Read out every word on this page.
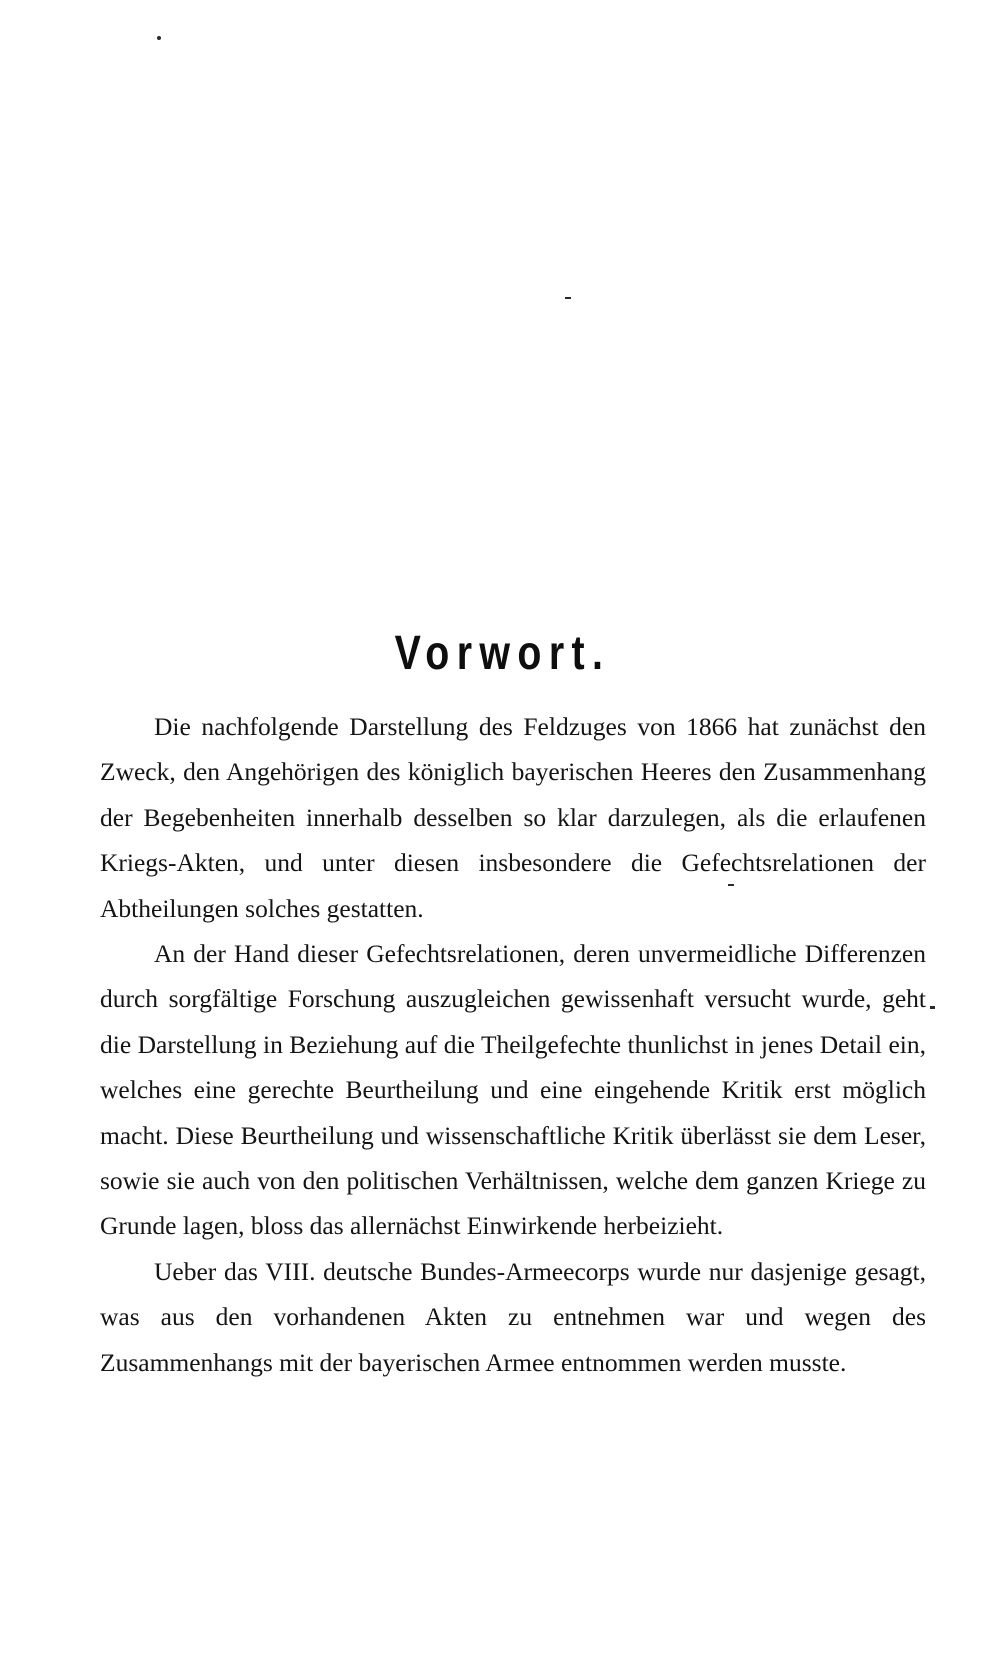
Vorwort.

Die nachfolgende Darstellung des Feldzuges von 1866 hat zunächst den Zweck, den Angehörigen des königlich bayerischen Heeres den Zusammenhang der Begebenheiten innerhalb desselben so klar darzulegen, als die erlaufenen Kriegs-Akten, und unter diesen insbesondere die Gefechtsrelationen der Abtheilungen solches gestatten.

An der Hand dieser Gefechtsrelationen, deren unvermeidliche Differenzen durch sorgfältige Forschung auszugleichen gewissenhaft versucht wurde, geht die Darstellung in Beziehung auf die Theilgefechte thunlichst in jenes Detail ein, welches eine gerechte Beurtheilung und eine eingehende Kritik erst möglich macht. Diese Beurtheilung und wissenschaftliche Kritik überlässt sie dem Leser, sowie sie auch von den politischen Verhältnissen, welche dem ganzen Kriege zu Grunde lagen, bloss das allernächst Einwirkende herbeizieht.

Ueber das VIII. deutsche Bundes-Armeecorps wurde nur dasjenige gesagt, was aus den vorhandenen Akten zu entnehmen war und wegen des Zusammenhangs mit der bayerischen Armee entnommen werden musste.
